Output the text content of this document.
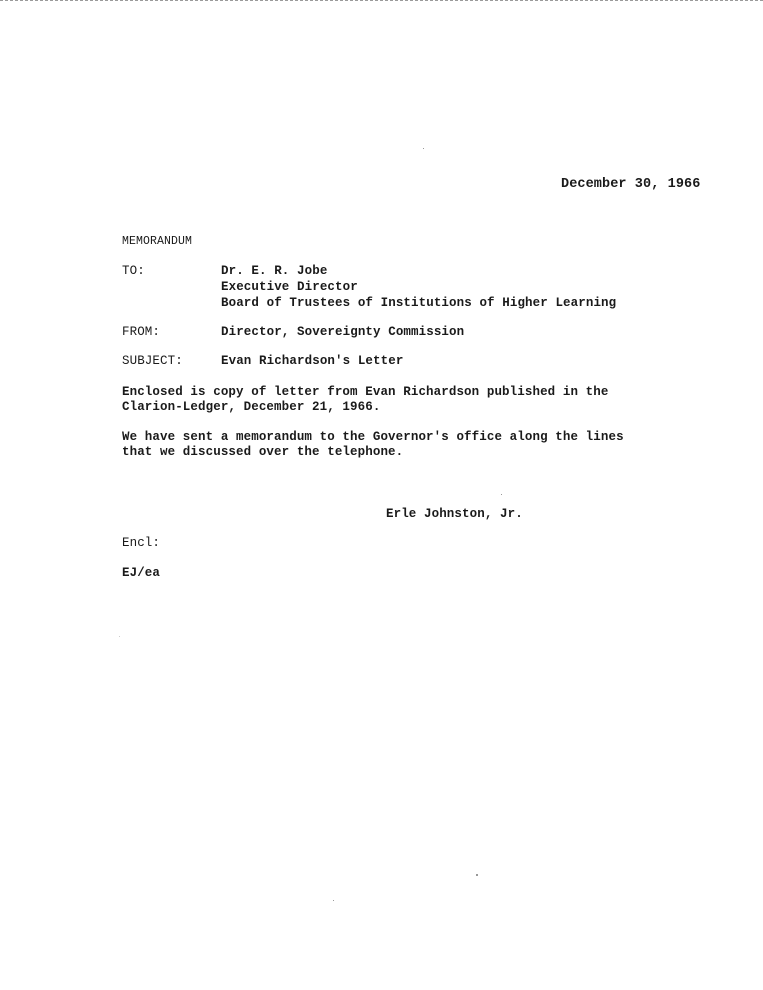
December 30, 1966
MEMORANDUM
TO:	Dr. E. R. Jobe
Executive Director
Board of Trustees of Institutions of Higher Learning
FROM:	Director, Sovereignty Commission
SUBJECT:	Evan Richardson's Letter
Enclosed is copy of letter from Evan Richardson published in the
Clarion-Ledger, December 21, 1966.
We have sent a memorandum to the Governor's office along the lines
that we discussed over the telephone.
Erle Johnston, Jr.
Encl:
EJ/ea
